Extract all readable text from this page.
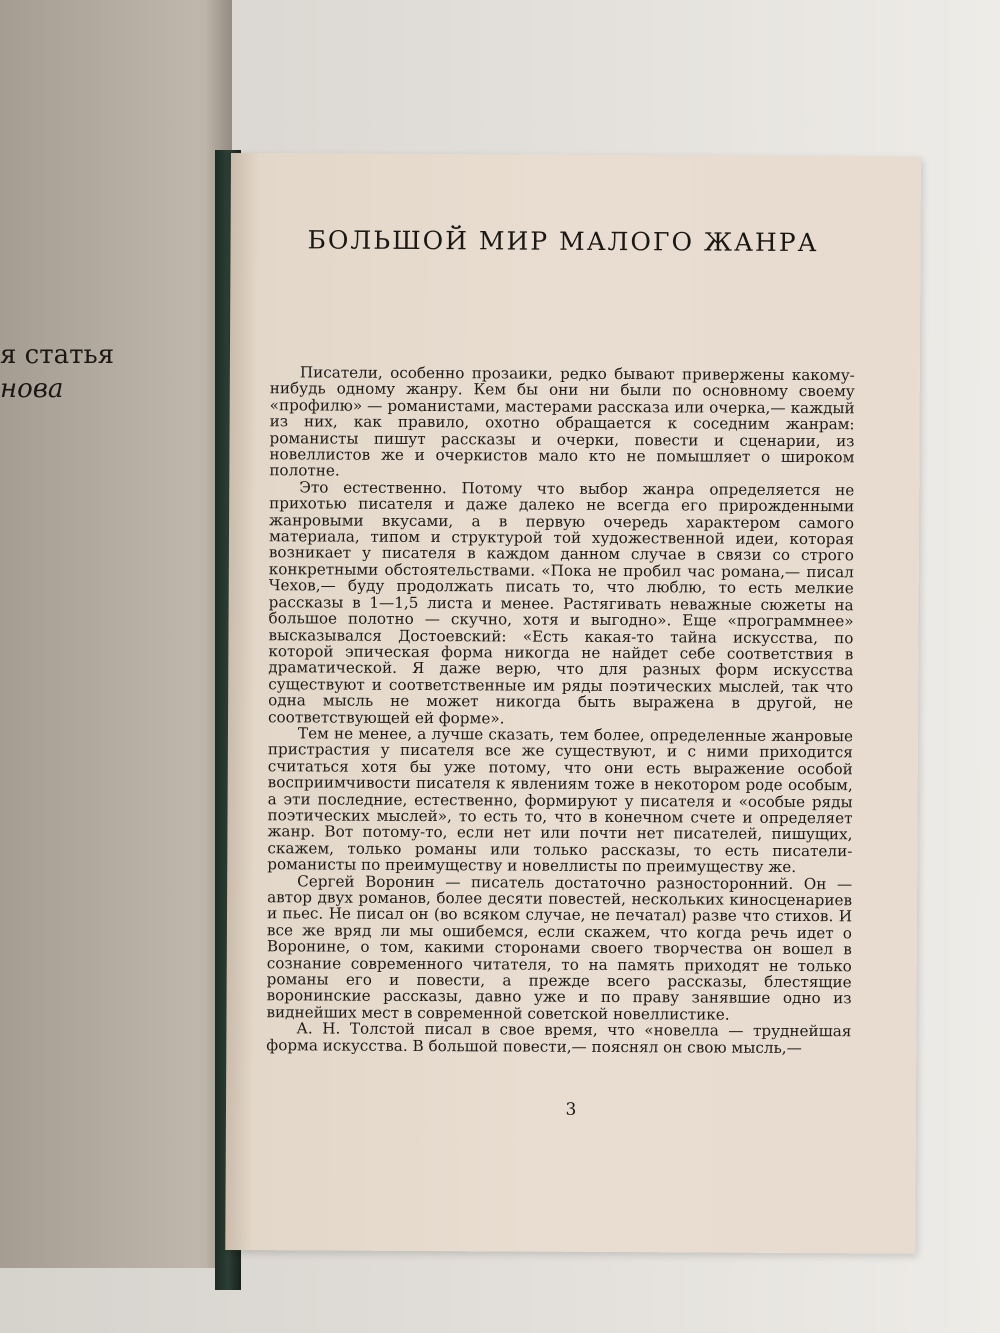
я статья
нова
БОЛЬШОЙ МИР МАЛОГО ЖАНРА

Писатели, особенно прозаики, редко бывают привержены какому-нибудь одному жанру. Кем бы они ни были по основному своему «профилю» — романистами, мастерами рассказа или очерка,— каждый из них, как правило, охотно обращается к соседним жанрам: романисты пишут рассказы и очерки, повести и сценарии, из новеллистов же и очеркистов мало кто не помышляет о широком полотне.

Это естественно. Потому что выбор жанра определяется не прихотью писателя и даже далеко не всегда его прирожденными жанровыми вкусами, а в первую очередь характером самого материала, типом и структурой той художественной идеи, которая возникает у писателя в каждом данном случае в связи со строго конкретными обстоятельствами. «Пока не пробил час романа,— писал Чехов,— буду продолжать писать то, что люблю, то есть мелкие рассказы в 1—1,5 листа и менее. Растягивать неважные сюжеты на большое полотно — скучно, хотя и выгодно». Еще «программнее» высказывался Достоевский: «Есть какая-то тайна искусства, по которой эпическая форма никогда не найдет себе соответствия в драматической. Я даже верю, что для разных форм искусства существуют и соответственные им ряды поэтических мыслей, так что одна мысль не может никогда быть выражена в другой, не соответствующей ей форме».

Тем не менее, а лучше сказать, тем более, определенные жанровые пристрастия у писателя все же существуют, и с ними приходится считаться хотя бы уже потому, что они есть выражение особой восприимчивости писателя к явлениям тоже в некотором роде особым, а эти последние, естественно, формируют у писателя и «особые ряды поэтических мыслей», то есть то, что в конечном счете и определяет жанр. Вот потому-то, если нет или почти нет писателей, пишущих, скажем, только романы или только рассказы, то есть писатели-романисты по преимуществу и новеллисты по преимуществу же.

Сергей Воронин — писатель достаточно разносторонний. Он — автор двух романов, более десяти повестей, нескольких киносценариев и пьес. Не писал он (во всяком случае, не печатал) разве что стихов. И все же вряд ли мы ошибемся, если скажем, что когда речь идет о Воронине, о том, какими сторонами своего творчества он вошел в сознание современного читателя, то на память приходят не только романы его и повести, а прежде всего рассказы, блестящие воронинские рассказы, давно уже и по праву занявшие одно из виднейших мест в современной советской новеллистике.

А. Н. Толстой писал в свое время, что «новелла — труднейшая форма искусства. В большой повести,— пояснял он свою мысль,—

3
